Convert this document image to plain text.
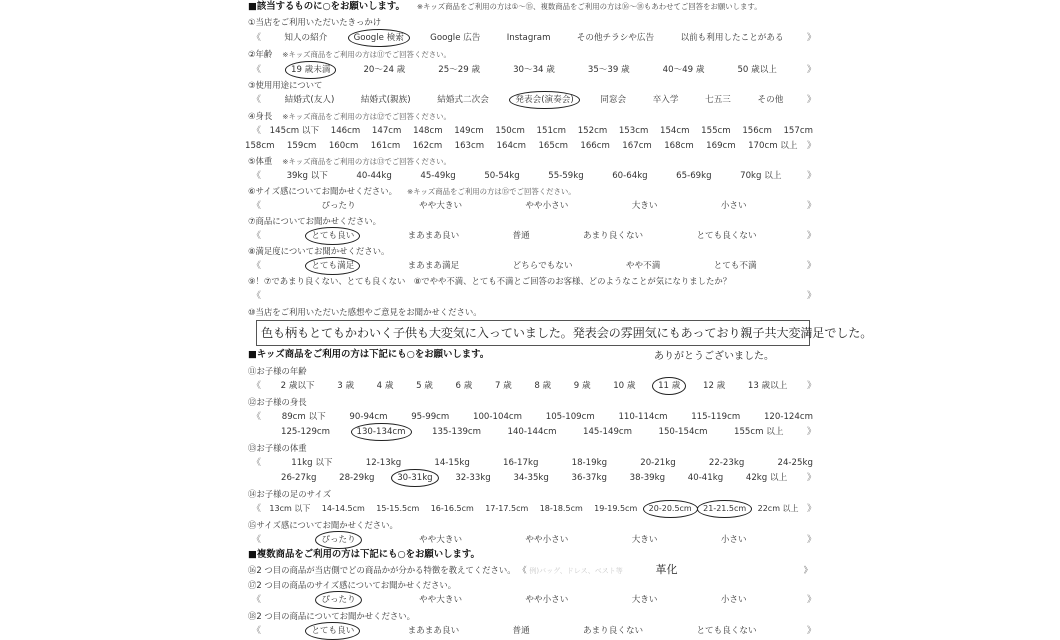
■該当するものに○をお願いします。 ※キッズ商品をご利用の方は①～⑮、複数商品をご利用の方は⑯～⑱もあわせてご回答をお願いします。
①当店をご利用いただいたきっかけ
《	知人の紹介	Google 検索	Google 広告	Instagram	その他チラシや広告	以前も利用したことがある	》
②年齢 ※キッズ商品をご利用の方は⑪でご回答ください。
《	19 歳未満	20～24 歳	25～29 歳	30～34 歳	35～39 歳	40～49 歳	50 歳以上	》
③使用用途について
《	結婚式(友人)	結婚式(親族)	結婚式二次会	発表会(演奏会)	同窓会	卒入学	七五三	その他	》
④身長 ※キッズ商品をご利用の方は⑫でご回答ください。
《	145cm 以下	146cm	147cm	148cm	149cm	150cm	151cm	152cm	153cm	154cm	155cm	156cm	157cm
158cm	159cm	160cm	161cm	162cm	163cm	164cm	165cm	166cm	167cm	168cm	169cm	170cm 以上	》
⑤体重 ※キッズ商品をご利用の方は⑬でご回答ください。
《	39kg 以下	40-44kg	45-49kg	50-54kg	55-59kg	60-64kg	65-69kg	70kg 以上	》
⑥サイズ感についてお聞かせください。 ※キッズ商品をご利用の方は⑮でご回答ください。
《	ぴったり	やや大きい	やや小さい	大きい	小さい	》
⑦商品についてお聞かせください。
《	とても良い	まあまあ良い	普通	あまり良くない	とても良くない	》
⑧満足度についてお聞かせください。
《	とても満足	まあまあ満足	どちらでもない	やや不満	とても不満	》
⑨！⑦であまり良くない、とても良くない　⑧でやや不満、とても不満とご回答のお客様、どのようなことが気になりましたか？
《	》
⑩当店をご利用いただいた感想やご意見をお聞かせください。
色も柄もとてもかわいく子供も大変気に入っていました。発表会の雰囲気にもあっており親子共大変満足でした。
ありがとうございました。
■キッズ商品をご利用の方は下記にも○をお願いします。
⑪お子様の年齢
《	2 歳以下	3 歳	4 歳	5 歳	6 歳	7 歳	8 歳	9 歳	10 歳	11 歳	12 歳	13 歳以上	》
⑫お子様の身長
《	89cm 以下	90-94cm	95-99cm	100-104cm	105-109cm	110-114cm	115-119cm	120-124cm
125-129cm	130-134cm	135-139cm	140-144cm	145-149cm	150-154cm	155cm 以上	》
⑬お子様の体重
《	11kg 以下	12-13kg	14-15kg	16-17kg	18-19kg	20-21kg	22-23kg	24-25kg
26-27kg	28-29kg	30-31kg	32-33kg	34-35kg	36-37kg	38-39kg	40-41kg	42kg 以上	》
⑭お子様の足のサイズ
《	13cm 以下	14-14.5cm	15-15.5cm	16-16.5cm	17-17.5cm	18-18.5cm	19-19.5cm	20-20.5cm	21-21.5cm	22cm 以上 》
⑮サイズ感についてお聞かせください。
《	ぴったり	やや大きい	やや小さい	大きい	小さい	》
■複数商品をご利用の方は下記にも○をお願いします。
⑯2 つ目の商品が当店側でどの商品かが分かる特徴を教えてください。 《 例)バッグ、ドレス、ベスト等	革化	》
⑰2 つ目の商品のサイズ感についてお聞かせください。
《	ぴったり	やや大きい	やや小さい	大きい	小さい	》
⑱2 つ目の商品についてお聞かせください。
《	とても良い	まあまあ良い	普通	あまり良くない	とても良くない	》
